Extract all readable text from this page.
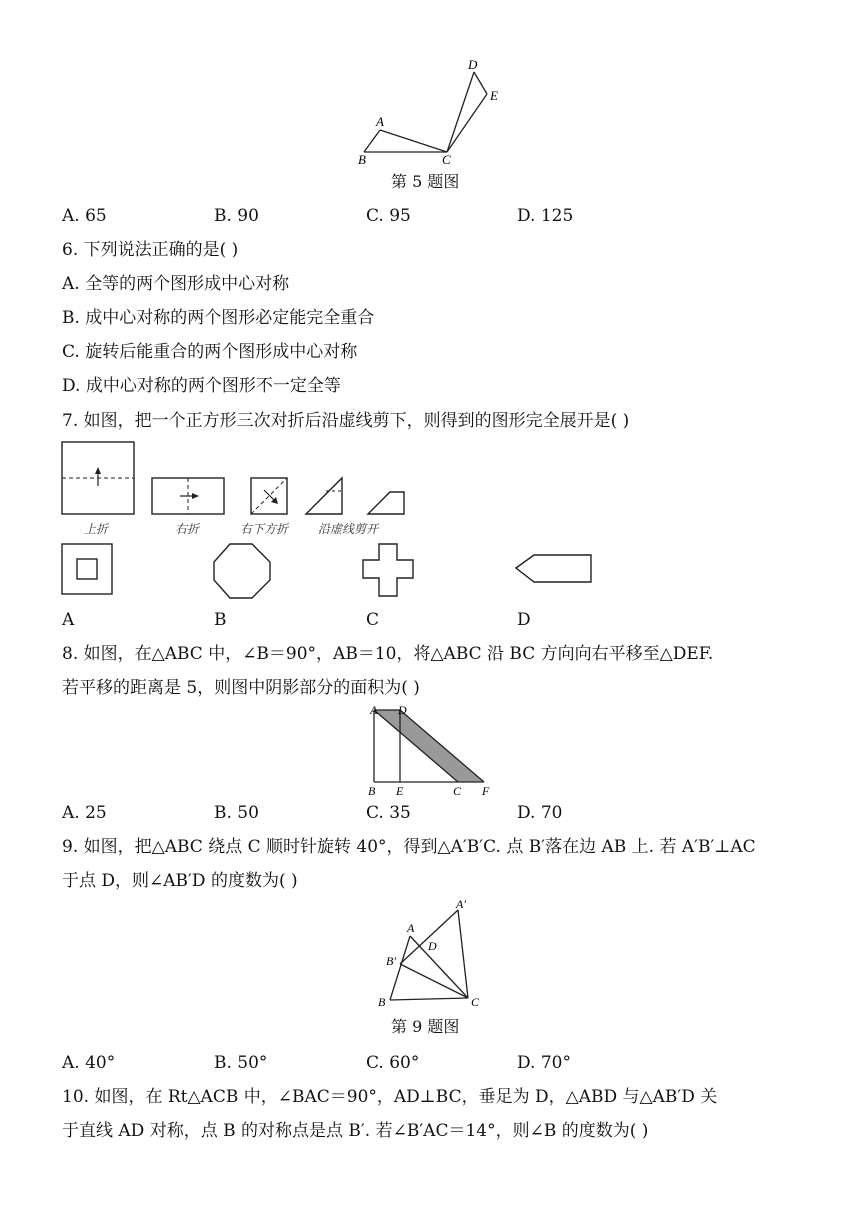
A
B	C
D
E
第 5 题图
A. 65	B. 90	C. 95	D. 125
6. 下列说法正确的是( )
A. 全等的两个图形成中心对称
B. 成中心对称的两个图形必定能完全重合
C. 旋转后能重合的两个图形成中心对称
D. 成中心对称的两个图形不一定全等
7. 如图，把一个正方形三次对折后沿虚线剪下，则得到的图形完全展开是( )
上折	右折	右下方折 沿虚线剪开
A	B	C	D
8. 如图，在△ABC 中，∠B＝90°，AB＝10，将△ABC 沿 BC 方向向右平移至△DEF.
若平移的距离是 5，则图中阴影部分的面积为( )
A D
B E	C F
A. 25	B. 50	C. 35	D. 70
9. 如图，把△ABC 绕点 C 顺时针旋转 40°，得到△A′B′C. 点 B′落在边 AB 上. 若 A′B′⊥AC
于点 D，则∠AB′D 的度数为( )
A′
A
D
B′
B	C
第 9 题图
A. 40°	B. 50°	C. 60°	D. 70°
10. 如图，在 Rt△ACB 中，∠BAC＝90°，AD⊥BC，垂足为 D，△ABD 与△AB′D 关
于直线 AD 对称，点 B 的对称点是点 B′. 若∠B′AC＝14°，则∠B 的度数为( )
